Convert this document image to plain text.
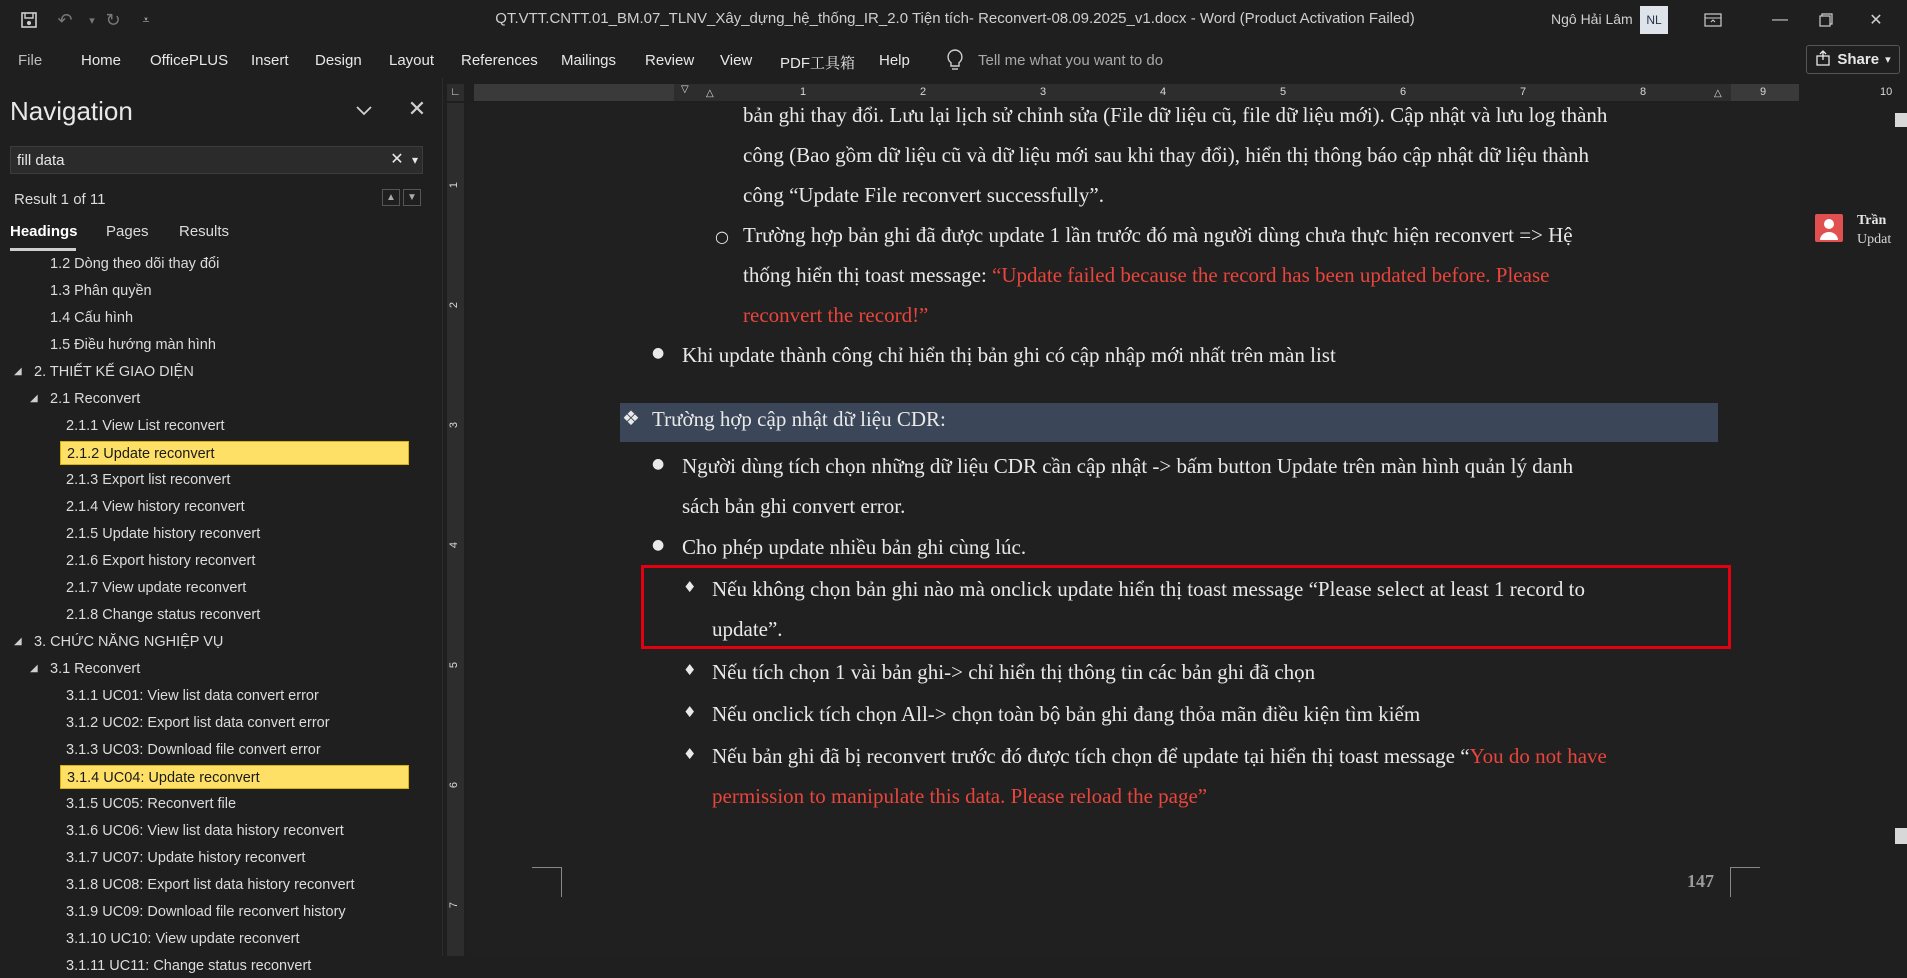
↶	▾ ↻	⩡	QT.VTT.CNTT.01_BM.07_TLNV_Xây_dựng_hệ_thống_IR_2.0 Tiện tích- Reconvert-08.09.2025_v1.docx - Word (Product Activation Failed)	Ngô Hải Lâm	NL	—	✕
File	Home OfficePLUS Insert Design Layout References Mailings Review View PDF工具箱 Help	Tell me what you want to do	Share ▾
Navigation	✕
fill data
✕ ▾
Result 1 of 11	▲	▼
Headings Pages Results
1.2 Dòng theo dõi thay đổi
1.3 Phân quyền
1.4 Cấu hình
1.5 Điều hướng màn hình
◢ 2. THIẾT KẾ GIAO DIỆN
◢ 2.1 Reconvert
2.1.1 View List reconvert
2.1.2 Update reconvert
2.1.3 Export list reconvert
2.1.4 View history reconvert
2.1.5 Update history reconvert
2.1.6 Export history reconvert
2.1.7 View update reconvert
2.1.8 Change status reconvert
◢ 3. CHỨC NĂNG NGHIỆP VỤ
◢ 3.1 Reconvert
3.1.1 UC01: View list data convert error
3.1.2 UC02: Export list data convert error
3.1.3 UC03: Download file convert error
3.1.4 UC04: Update reconvert
3.1.5 UC05: Reconvert file
3.1.6 UC06: View list data history reconvert
3.1.7 UC07: Update history reconvert
3.1.8 UC08: Export list data history reconvert
3.1.9 UC09: Download file reconvert history
3.1.10 UC10: View update reconvert
3.1.11 UC11: Change status reconvert
∟	▽ △	△
1	2	3	4	5	6	7	8	9	10
1
2
3
4
5
6
7
bản ghi thay đổi. Lưu lại lịch sử chỉnh sửa (File dữ liệu cũ, file dữ liệu mới). Cập nhật và lưu log thành
công (Bao gồm dữ liệu cũ và dữ liệu mới sau khi thay đổi), hiển thị thông báo cập nhật dữ liệu thành
công “Update File reconvert successfully”.
○ Trường hợp bản ghi đã được update 1 lần trước đó mà người dùng chưa thực hiện reconvert => Hệ
thống hiển thị toast message: “Update failed because the record has been updated before. Please
reconvert the record!”
● Khi update thành công chỉ hiển thị bản ghi có cập nhập mới nhất trên màn list
❖ Trường hợp cập nhật dữ liệu CDR:
● Người dùng tích chọn những dữ liệu CDR cần cập nhật -> bấm button Update trên màn hình quản lý danh
sách bản ghi convert error.
● Cho phép update nhiều bản ghi cùng lúc.
♦ Nếu không chọn bản ghi nào mà onclick update hiển thị toast message “Please select at least 1 record to
update”.
♦ Nếu tích chọn 1 vài bản ghi-> chỉ hiển thị thông tin các bản ghi đã chọn
♦ Nếu onclick tích chọn All-> chọn toàn bộ bản ghi đang thỏa mãn điều kiện tìm kiếm
♦ Nếu bản ghi đã bị reconvert trước đó được tích chọn để update tại hiển thị toast message “You do not have
permission to manipulate this data. Please reload the page”
147
Trần
Updat
